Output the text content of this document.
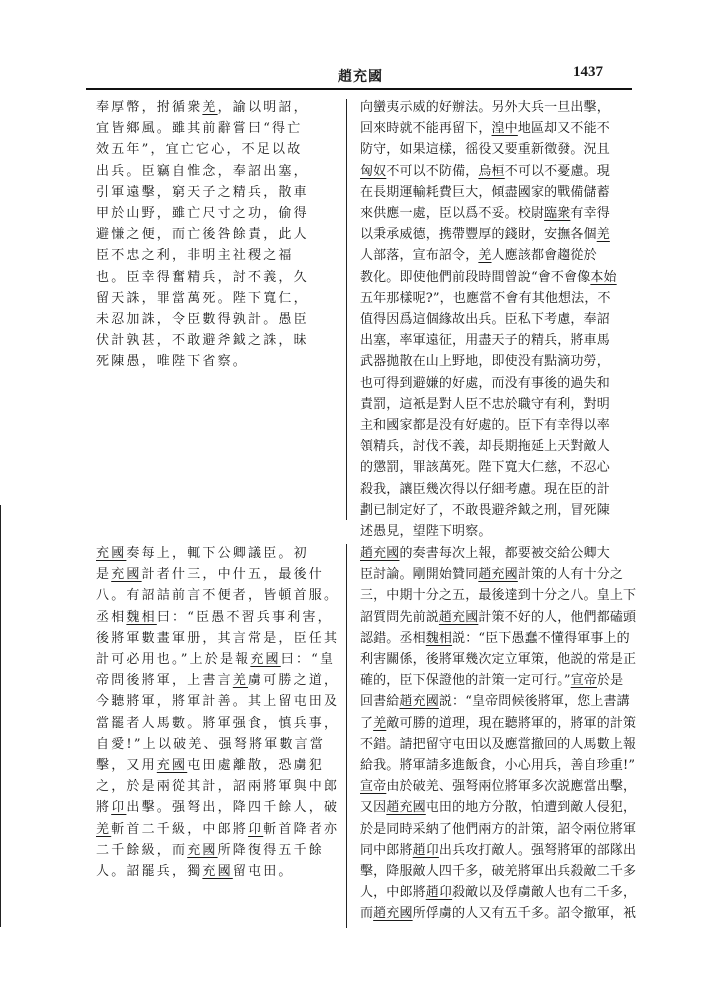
趙充國	1437

奉厚幣，拊循衆羌，諭以明詔，
宜皆鄉風。雖其前辭嘗曰“得亡
效五年”，宜亡它心，不足以故
出兵。臣竊自惟念，奉詔出塞，
引軍遠擊，窮天子之精兵，散車
甲於山野，雖亡尺寸之功，偷得
避慊之便，而亡後咎餘責，此人
臣不忠之利，非明主社稷之福
也。臣幸得奮精兵，討不義，久
留天誅，罪當萬死。陛下寬仁，
未忍加誅，令臣數得孰計。愚臣
伏計孰甚，不敢避斧鉞之誅，昧
死陳愚，唯陛下省察。

向蠻夷示威的好辦法。另外大兵一旦出擊，
回來時就不能再留下，湟中地區却又不能不
防守，如果這樣，徭役又要重新徵發。況且
匈奴不可以不防備，烏桓不可以不憂慮。現
在長期運輸耗費巨大，傾盡國家的戰備儲蓄
來供應一處，臣以爲不妥。校尉臨衆有幸得
以秉承威德，携帶豐厚的錢財，安撫各個羌
人部落，宣布詔令，羌人應該都會趨從於
教化。即使他們前段時間曾說“會不會像本始
五年那樣呢?”，也應當不會有其他想法，不
值得因爲這個緣故出兵。臣私下考慮，奉詔
出塞，率軍遠征，用盡天子的精兵，將車馬
武器拋散在山上野地，即使没有點滴功勞，
也可得到避嫌的好處，而没有事後的過失和
責罰，這衹是對人臣不忠於職守有利，對明
主和國家都是没有好處的。臣下有幸得以率
領精兵，討伐不義，却長期拖延上天對敵人
的懲罰，罪該萬死。陛下寬大仁慈，不忍心
殺我，讓臣幾次得以仔細考慮。現在臣的計
劃已制定好了，不敢畏避斧鉞之刑，冒死陳
述愚見，望陛下明察。

充國奏每上，輒下公卿議臣。初
是充國計者什三，中什五，最後什
八。有詔詰前言不便者，皆頓首服。
丞相魏相曰：“臣愚不習兵事利害，
後將軍數畫軍册，其言常是，臣任其
計可必用也。”上於是報充國曰：“皇
帝問後將軍，上書言羌虜可勝之道，
今聽將軍，將軍計善。其上留屯田及
當罷者人馬數。將軍强食，慎兵事，
自愛!”上以破羌、强弩將軍數言當
擊，又用充國屯田處離散，恐虜犯
之，於是兩從其計，詔兩將軍與中郎
將卬出擊。强弩出，降四千餘人，破
羌斬首二千級，中郎將卬斬首降者亦
二千餘級，而充國所降復得五千餘
人。詔罷兵，獨充國留屯田。

趙充國的奏書每次上報，都要被交給公卿大
臣討論。剛開始贊同趙充國計策的人有十分之
三，中期十分之五，最後達到十分之八。皇上下
詔質問先前説趙充國計策不好的人，他們都磕頭
認錯。丞相魏相説：“臣下愚蠢不懂得軍事上的
利害關係，後將軍幾次定立軍策，他説的常是正
確的，臣下保證他的計策一定可行。”宣帝於是
回書給趙充國説：“皇帝問候後將軍，您上書講
了羌敵可勝的道理，現在聽將軍的，將軍的計策
不錯。請把留守屯田以及應當撤回的人馬數上報
給我。將軍請多進飯食，小心用兵，善自珍重!”
宣帝由於破羌、强弩兩位將軍多次説應當出擊，
又因趙充國屯田的地方分散，怕遭到敵人侵犯，
於是同時采納了他們兩方的計策，詔令兩位將軍
同中郎將趙卬出兵攻打敵人。强弩將軍的部隊出
擊，降服敵人四千多，破羌將軍出兵殺敵二千多
人，中郎將趙卬殺敵以及俘虜敵人也有二千多，
而趙充國所俘虜的人又有五千多。詔令撤軍，衹
